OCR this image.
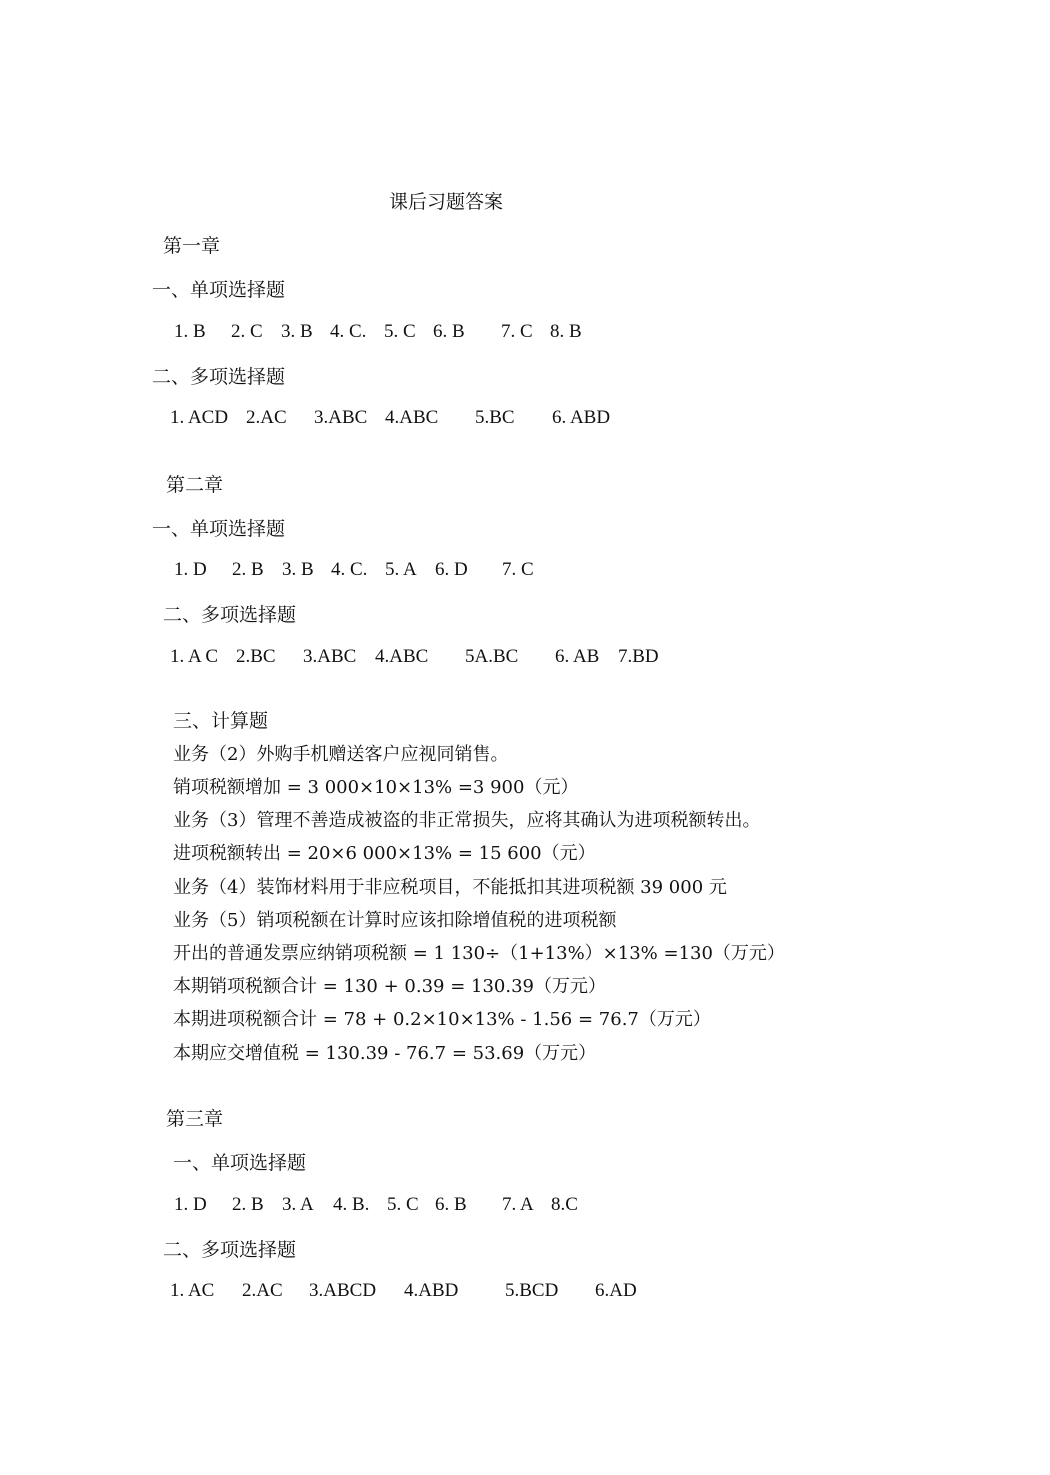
课后习题答案
第一章
一、单项选择题

1. B

2. C

3. B

4. C.

5. C

6. B

7. C

8. B

二、多项选择题

1. ACD

2.AC

3.ABC

4.ABC

5.BC

6. ABD

第二章
一、单项选择题

1. D

2. B

3. B

4. C.

5. A

6. D

7. C

二、多项选择题

1. A C

2.BC

3.ABC

4.ABC

5A.BC

6. AB

7.BD

三、计算题
业务（2）外购手机赠送客户应视同销售。
销项税额增加 = 3 000×10×13% =3 900（元）
业务（3）管理不善造成被盗的非正常损失，应将其确认为进项税额转出。
进项税额转出 = 20×6 000×13% = 15 600（元）
业务（4）装饰材料用于非应税项目，不能抵扣其进项税额 39 000 元
业务（5）销项税额在计算时应该扣除增值税的进项税额
开出的普通发票应纳销项税额 = 1 130÷（1+13%）×13% =130（万元）
本期销项税额合计 = 130 + 0.39 = 130.39（万元）
本期进项税额合计 = 78 + 0.2×10×13% - 1.56 = 76.7（万元）
本期应交增值税 = 130.39 - 76.7 = 53.69（万元）
第三章
一、单项选择题

1. D

2. B

3. A

4. B.

5. C

6. B

7. A

8.C

二、多项选择题

1. AC

2.AC

3.ABCD

4.ABD

5.BCD

6.AD
